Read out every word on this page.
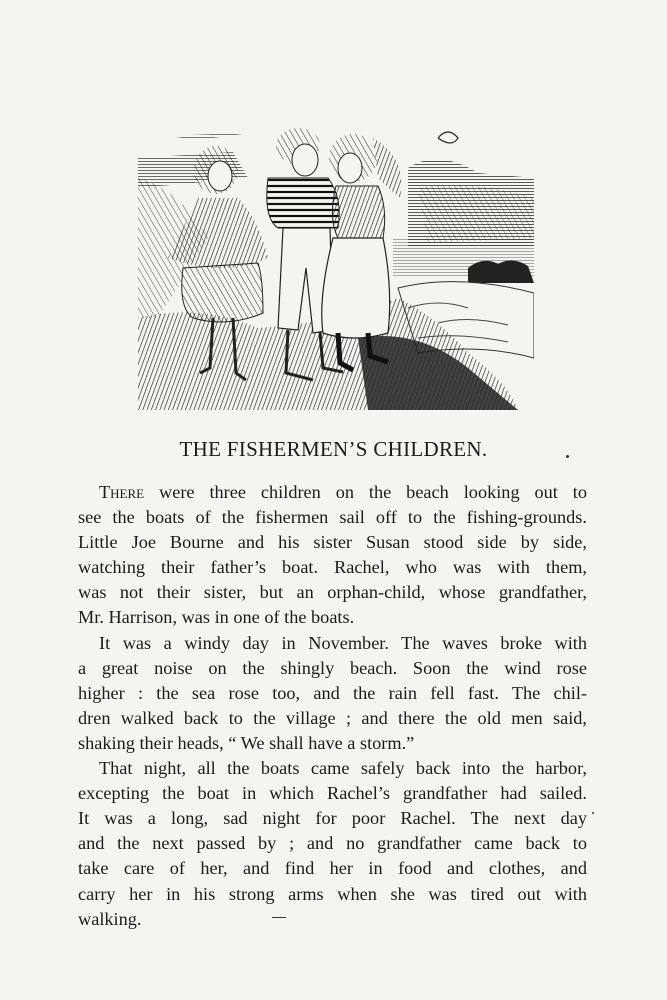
THE FISHERMEN’S CHILDREN.
There were three children on the beach looking out to
see the boats of the fishermen sail off to the fishing-grounds.
Little Joe Bourne and his sister Susan stood side by side,
watching their father’s boat. Rachel, who was with them,
was not their sister, but an orphan-child, whose grandfather,
Mr. Harrison, was in one of the boats.
It was a windy day in November. The waves broke with
a great noise on the shingly beach. Soon the wind rose
higher : the sea rose too, and the rain fell fast. The chil-
dren walked back to the village ; and there the old men said,
shaking their heads, “ We shall have a storm.”
That night, all the boats came safely back into the harbor,
excepting the boat in which Rachel’s grandfather had sailed.
It was a long, sad night for poor Rachel. The next day
and the next passed by ; and no grandfather came back to
take care of her, and find her in food and clothes, and
carry her in his strong arms when she was tired out with
walking.
